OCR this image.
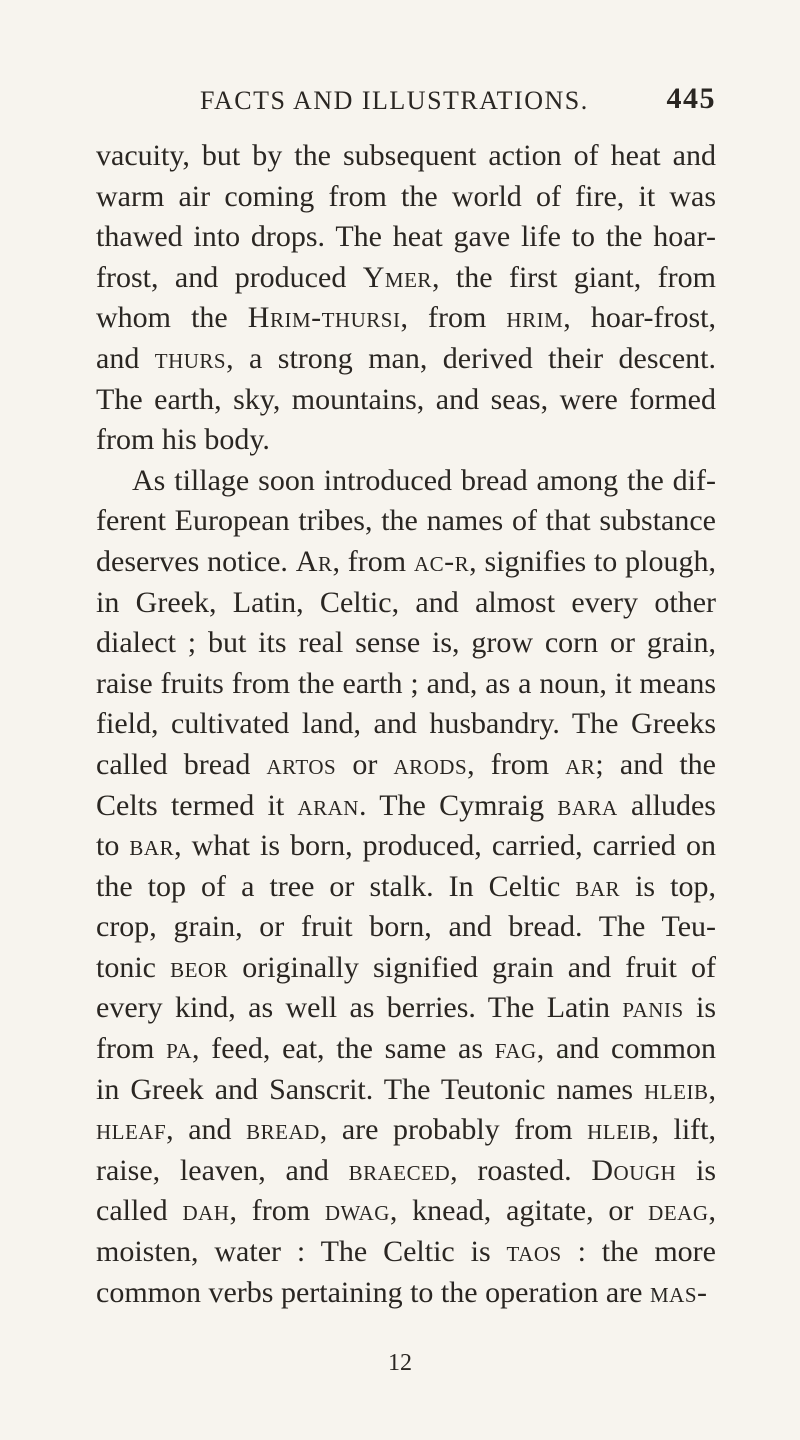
FACTS AND ILLUSTRATIONS.	445
vacuity, but by the subsequent action of heat and
warm air coming from the world of fire, it was
thawed into drops. The heat gave life to the hoar-
frost, and produced Ymer, the first giant, from
whom the Hrim-thursi, from hrim, hoar-frost,
and thurs, a strong man, derived their descent.
The earth, sky, mountains, and seas, were formed
from his body.
As tillage soon introduced bread among the dif-
ferent European tribes, the names of that substance
deserves notice. Ar, from ac-r, signifies to plough,
in Greek, Latin, Celtic, and almost every other
dialect ; but its real sense is, grow corn or grain,
raise fruits from the earth ; and, as a noun, it means
field, cultivated land, and husbandry. The Greeks
called bread artos or arods, from ar; and the
Celts termed it aran. The Cymraig bara alludes
to bar, what is born, produced, carried, carried on
the top of a tree or stalk. In Celtic bar is top,
crop, grain, or fruit born, and bread. The Teu-
tonic beor originally signified grain and fruit of
every kind, as well as berries. The Latin panis is
from pa, feed, eat, the same as fag, and common
in Greek and Sanscrit. The Teutonic names hleib,
hleaf, and bread, are probably from hleib, lift,
raise, leaven, and braeced, roasted. Dough is
called dah, from dwag, knead, agitate, or deag,
moisten, water : The Celtic is taos : the more
common verbs pertaining to the operation are mas-
12
